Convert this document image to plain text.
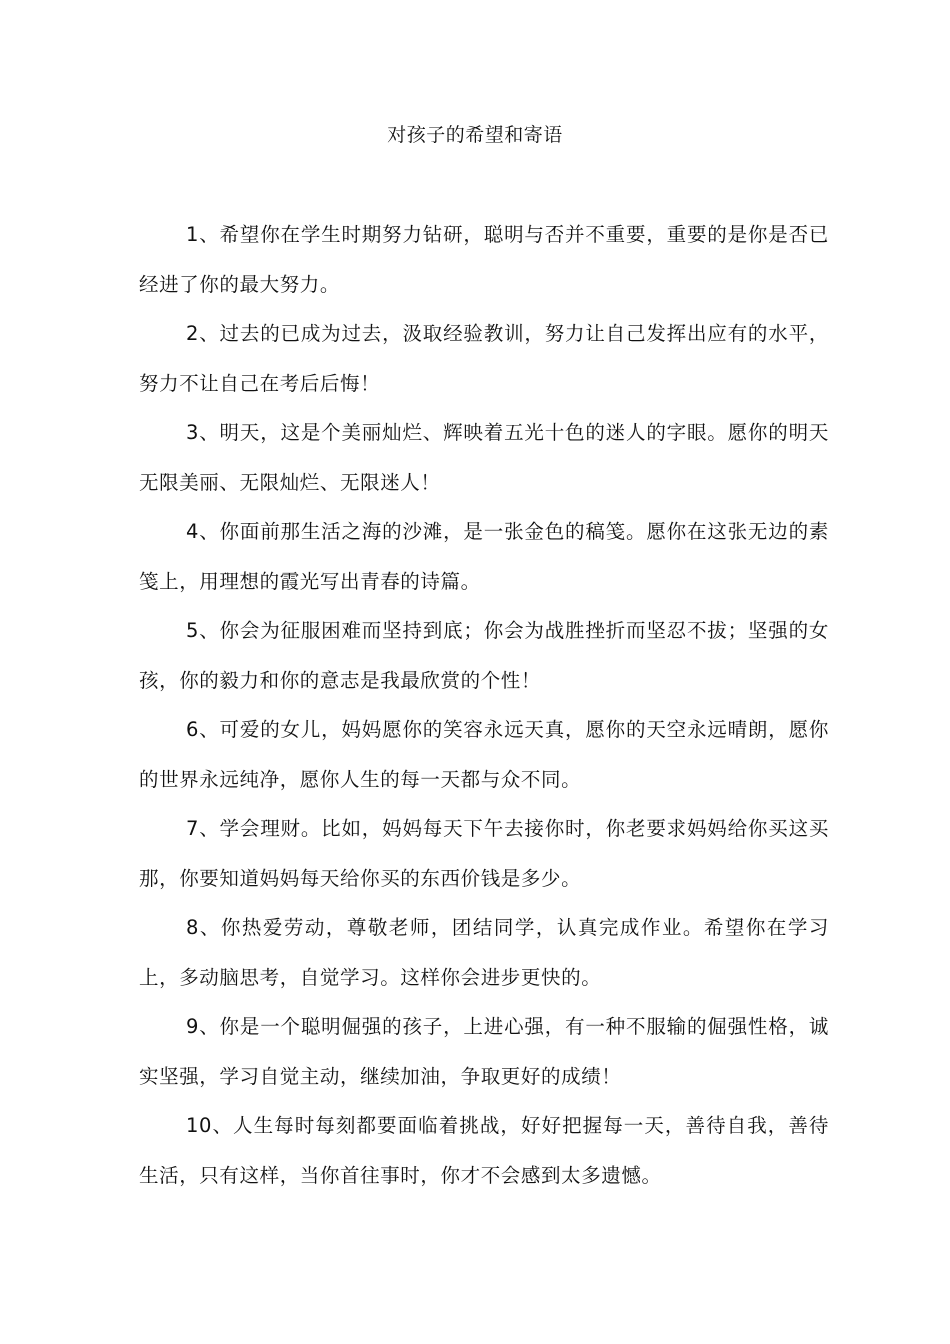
对孩子的希望和寄语

1、希望你在学生时期努力钻研，聪明与否并不重要，重要的是你是否已经进了你的最大努力。

2、过去的已成为过去，汲取经验教训，努力让自己发挥出应有的水平，努力不让自己在考后后悔！

3、明天，这是个美丽灿烂、辉映着五光十色的迷人的字眼。愿你的明天无限美丽、无限灿烂、无限迷人！

4、你面前那生活之海的沙滩，是一张金色的稿笺。愿你在这张无边的素笺上，用理想的霞光写出青春的诗篇。

5、你会为征服困难而坚持到底；你会为战胜挫折而坚忍不拔；坚强的女孩，你的毅力和你的意志是我最欣赏的个性！

6、可爱的女儿，妈妈愿你的笑容永远天真，愿你的天空永远晴朗，愿你的世界永远纯净，愿你人生的每一天都与众不同。

7、学会理财。比如，妈妈每天下午去接你时，你老要求妈妈给你买这买那，你要知道妈妈每天给你买的东西价钱是多少。

8、你热爱劳动，尊敬老师，团结同学，认真完成作业。希望你在学习上，多动脑思考，自觉学习。这样你会进步更快的。

9、你是一个聪明倔强的孩子，上进心强，有一种不服输的倔强性格，诚实坚强，学习自觉主动，继续加油，争取更好的成绩！

10、人生每时每刻都要面临着挑战，好好把握每一天，善待自我，善待生活，只有这样，当你首往事时，你才不会感到太多遗憾。
